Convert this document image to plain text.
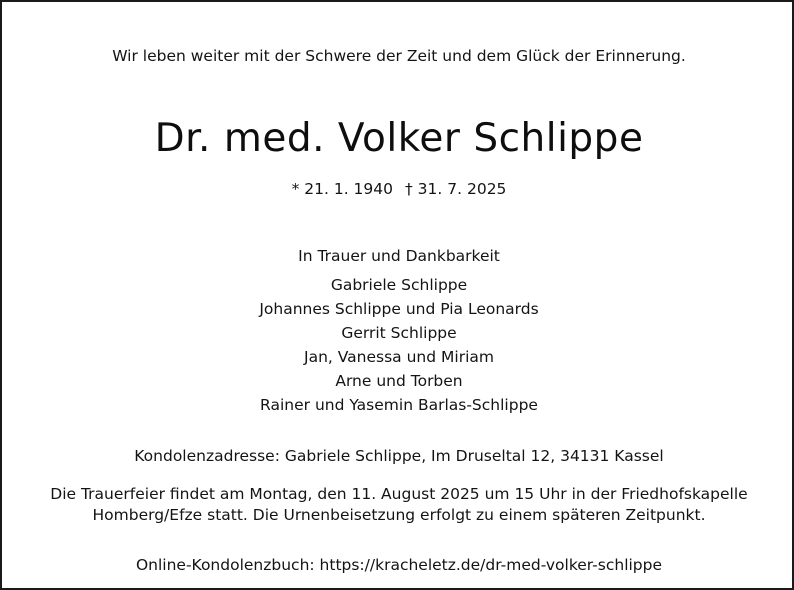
Wir leben weiter mit der Schwere der Zeit und dem Glück der Erinnerung.
Dr. med. Volker Schlippe
* 21. 1. 1940 † 31. 7. 2025
In Trauer und Dankbarkeit
Gabriele Schlippe
Johannes Schlippe und Pia Leonards
Gerrit Schlippe
Jan, Vanessa und Miriam
Arne und Torben
Rainer und Yasemin Barlas-Schlippe
Kondolenzadresse: Gabriele Schlippe, Im Druseltal 12, 34131 Kassel
Die Trauerfeier findet am Montag, den 11. August 2025 um 15 Uhr in der Friedhofskapelle
Homberg/Efze statt. Die Urnenbeisetzung erfolgt zu einem späteren Zeitpunkt.
Online-Kondolenzbuch: https://kracheletz.de/dr-med-volker-schlippe
